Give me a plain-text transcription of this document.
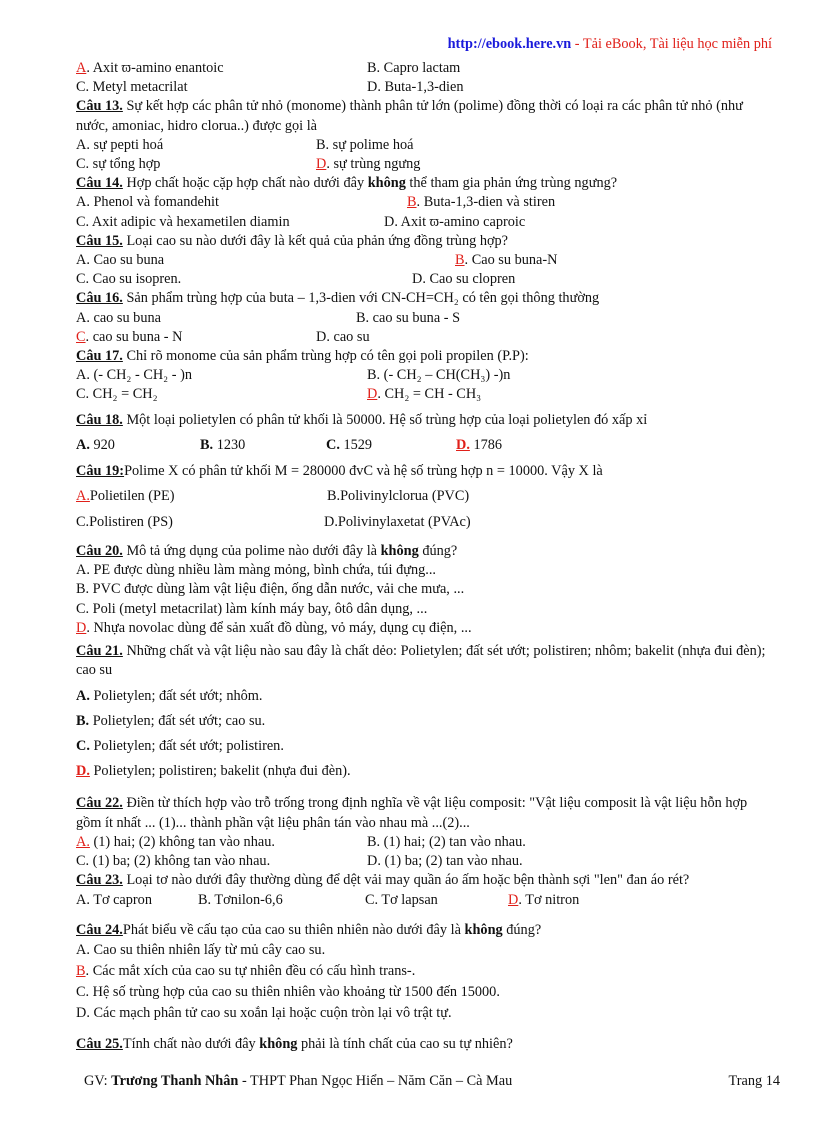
http://ebook.here.vn - Tải eBook, Tài liệu học miễn phí
A. Axit ϖ-amino enantoic	B. Capro lactam
C. Metyl metacrilat	D. Buta-1,3-dien
Câu 13. Sự kết hợp các phân tử nhỏ (monome) thành phân tử lớn (polime) đồng thời có loại ra các phân tử nhỏ (như nước, amoniac, hidro clorua..) được gọi là
A. sự pepti hoá	B. sự polime hoá
C. sự tổng hợp	D. sự trùng ngưng
Câu 14. Hợp chất hoặc cặp hợp chất nào dưới đây không thể tham gia phản ứng trùng ngưng?
A. Phenol và fomandehit	B. Buta-1,3-dien và stiren
C. Axit adipic và hexametilen diamin	D. Axit ϖ-amino caproic
Câu 15. Loại cao su nào dưới đây là kết quả của phản ứng đồng trùng hợp?
A. Cao su buna	B. Cao su buna-N
C. Cao su isopren.	D. Cao su clopren
Câu 16. Sản phẩm trùng hợp của buta – 1,3-dien với CN-CH=CH₂ có tên gọi thông thường
A. cao su buna	B. cao su buna - S
C. cao su buna - N	D. cao su
Câu 17. Chỉ rõ monome của sản phẩm trùng hợp có tên gọi poli propilen (P.P):
A. (- CH₂ - CH₂ - )n	B. (- CH₂ – CH(CH₃) -)n
C. CH₂ = CH₂	D. CH₂ = CH - CH₃
Câu 18. Một loại polietylen có phân tử khối là 50000. Hệ số trùng hợp của loại polietylen đó xấp xỉ
A. 920	B. 1230	C. 1529	D. 1786
Câu 19:Polime X có phân tử khối M = 280000 đvC và hệ số trùng hợp n = 10000. Vậy X là
A.Polietilen (PE)	B.Polivinylclorua (PVC)
C.Polistiren (PS)	D.Polivinylaxetat (PVAc)
Câu 20. Mô tả ứng dụng của polime nào dưới đây là không đúng?
A. PE được dùng nhiều làm màng mỏng, bình chứa, túi đựng...
B. PVC được dùng làm vật liệu điện, ống dẫn nước, vải che mưa, ...
C. Poli (metyl metacrilat) làm kính máy bay, ôtô dân dụng, ...
D. Nhựa novolac dùng để sản xuất đồ dùng, vỏ máy, dụng cụ điện, ...
Câu 21. Những chất và vật liệu nào sau đây là chất dẻo: Polietylen; đất sét ướt; polistiren; nhôm; bakelit (nhựa đui đèn); cao su
A. Polietylen; đất sét ướt; nhôm.
B. Polietylen; đất sét ướt; cao su.
C. Polietylen; đất sét ướt; polistiren.
D. Polietylen; polistiren; bakelit (nhựa đui đèn).
Câu 22. Điền từ thích hợp vào trỗ trống trong định nghĩa về vật liệu composit: "Vật liệu composit là vật liệu hỗn hợp gồm ít nhất ... (1)... thành phần vật liệu phân tán vào nhau mà ...(2)...
A. (1) hai; (2) không tan vào nhau.	B. (1) hai; (2) tan vào nhau.
C. (1) ba; (2) không tan vào nhau.	D. (1) ba; (2) tan vào nhau.
Câu 23. Loại tơ nào dưới đây thường dùng để dệt vải may quần áo ấm hoặc bện thành sợi "len" đan áo rét?
A. Tơ capron	B. Tơnilon-6,6	C. Tơ lapsan	D. Tơ nitron
Câu 24.Phát biểu về cấu tạo của cao su thiên nhiên nào dưới đây là không đúng?
A. Cao su thiên nhiên lấy từ mủ cây cao su.
B. Các mắt xích của cao su tự nhiên đều có cấu hình trans-.
C. Hệ số trùng hợp của cao su thiên nhiên vào khoảng từ 1500 đến 15000.
D. Các mạch phân tử cao su xoắn lại hoặc cuộn tròn lại vô trật tự.
Câu 25.Tính chất nào dưới đây không phải là tính chất của cao su tự nhiên?
GV: Trương Thanh Nhân - THPT Phan Ngọc Hiển – Năm Căn – Cà Mau	Trang 14
